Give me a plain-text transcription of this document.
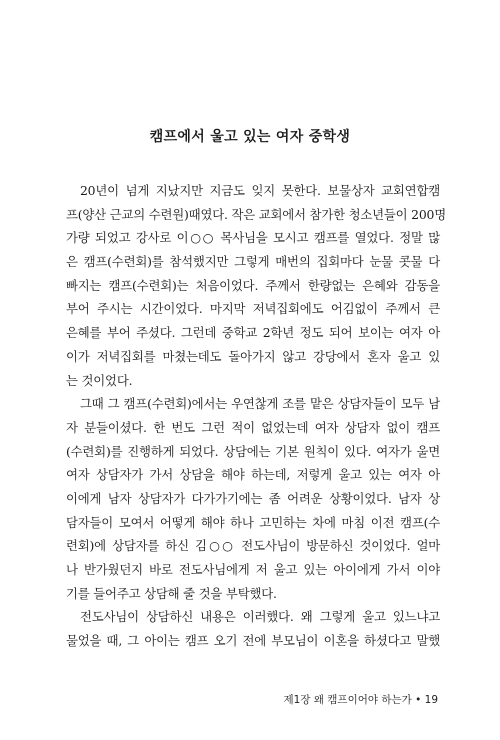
캠프에서 울고 있는 여자 중학생
20년이 넘게 지났지만 지금도 잊지 못한다. 보물상자 교회연합캠
프(양산 근교의 수련원)때였다. 작은 교회에서 참가한 청소년들이 200명
가량 되었고 강사로 이○○ 목사님을 모시고 캠프를 열었다. 정말 많
은 캠프(수련회)를 참석했지만 그렇게 매번의 집회마다 눈물 콧물 다
빠지는 캠프(수련회)는 처음이었다. 주께서 한량없는 은혜와 감동을
부어 주시는 시간이었다. 마지막 저녁집회에도 어김없이 주께서 큰
은혜를 부어 주셨다. 그런데 중학교 2학년 정도 되어 보이는 여자 아
이가 저녁집회를 마쳤는데도 돌아가지 않고 강당에서 혼자 울고 있
는 것이었다.
그때 그 캠프(수련회)에서는 우연찮게 조를 맡은 상담자들이 모두 남
자 분들이셨다. 한 번도 그런 적이 없었는데 여자 상담자 없이 캠프
(수련회)를 진행하게 되었다. 상담에는 기본 원칙이 있다. 여자가 울면
여자 상담자가 가서 상담을 해야 하는데, 저렇게 울고 있는 여자 아
이에게 남자 상담자가 다가가기에는 좀 어려운 상황이었다. 남자 상
담자들이 모여서 어떻게 해야 하나 고민하는 차에 마침 이전 캠프(수
련회)에 상담자를 하신 김○○ 전도사님이 방문하신 것이었다. 얼마
나 반가웠던지 바로 전도사님에게 저 울고 있는 아이에게 가서 이야
기를 들어주고 상담해 줄 것을 부탁했다.
전도사님이 상담하신 내용은 이러했다. 왜 그렇게 울고 있느냐고
물었을 때, 그 아이는 캠프 오기 전에 부모님이 이혼을 하셨다고 말했
제1장 왜 캠프이어야 하는가 • 19
